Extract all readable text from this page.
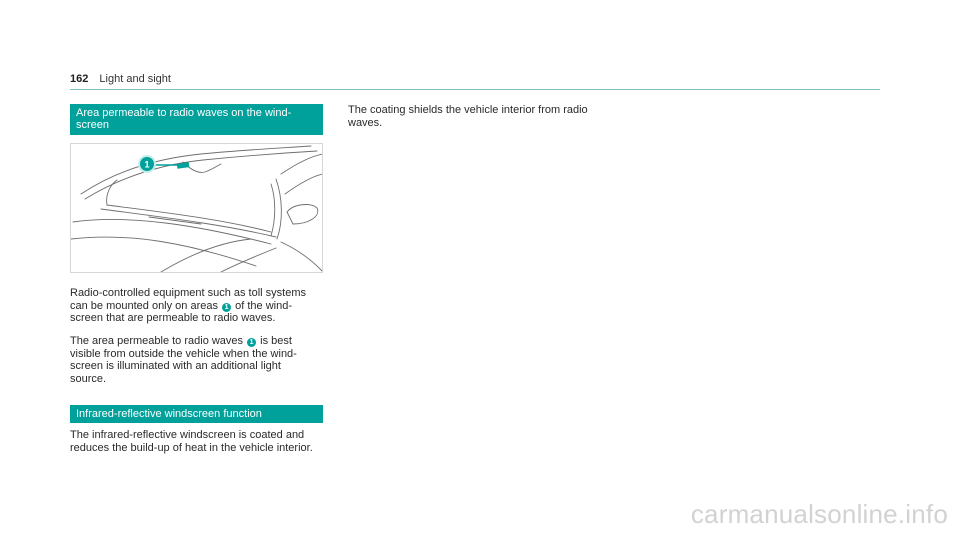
162 Light and sight
Area permeable to radio waves on the wind-
screen
1
Radio-controlled equipment such as toll systems
can be mounted only on areas 1 of the wind-
screen that are permeable to radio waves.
The area permeable to radio waves 1 is best
visible from outside the vehicle when the wind-
screen is illuminated with an additional light
source.
Infrared-reflective windscreen function
The infrared-reflective windscreen is coated and
reduces the build-up of heat in the vehicle interior.
The coating shields the vehicle interior from radio
waves.
carmanualsonline.info
